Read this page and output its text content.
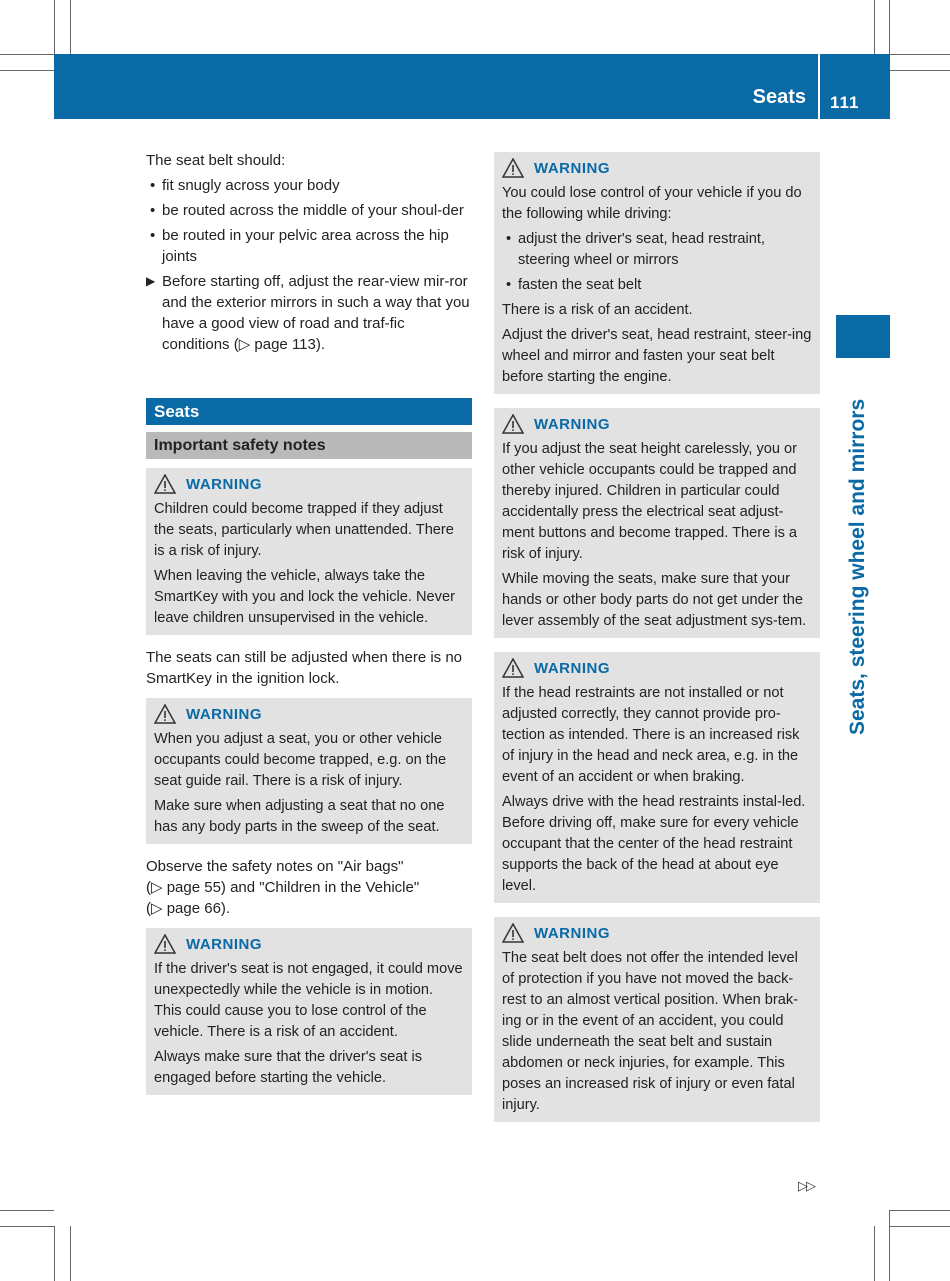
Seats 111
Seats, steering wheel and mirrors

The seat belt should:

• fit snugly across your body
• be routed across the middle of your shoul-der
• be routed in your pelvic area across the hip joints
▶ Before starting off, adjust the rear-view mir-ror and the exterior mirrors in such a way that you have a good view of road and traf-fic conditions (▷ page 113).
Seats
Important safety notes
WARNING

Children could become trapped if they adjust the seats, particularly when unattended. There is a risk of injury.

When leaving the vehicle, always take the SmartKey with you and lock the vehicle. Never leave children unsupervised in the vehicle.

The seats can still be adjusted when there is no SmartKey in the ignition lock.

WARNING

When you adjust a seat, you or other vehicle occupants could become trapped, e.g. on the seat guide rail. There is a risk of injury.

Make sure when adjusting a seat that no one has any body parts in the sweep of the seat.

Observe the safety notes on "Air bags"
(▷ page 55) and "Children in the Vehicle"
(▷ page 66).

WARNING

If the driver's seat is not engaged, it could move unexpectedly while the vehicle is in motion. This could cause you to lose control of the vehicle. There is a risk of an accident.

Always make sure that the driver's seat is engaged before starting the vehicle.

WARNING

You could lose control of your vehicle if you do the following while driving:

• adjust the driver's seat, head restraint, steering wheel or mirrors
• fasten the seat belt

There is a risk of an accident.

Adjust the driver's seat, head restraint, steer-ing wheel and mirror and fasten your seat belt before starting the engine.

WARNING

If you adjust the seat height carelessly, you or other vehicle occupants could be trapped and thereby injured. Children in particular could accidentally press the electrical seat adjust-ment buttons and become trapped. There is a risk of injury.

While moving the seats, make sure that your hands or other body parts do not get under the lever assembly of the seat adjustment sys-tem.

WARNING

If the head restraints are not installed or not adjusted correctly, they cannot provide pro-tection as intended. There is an increased risk of injury in the head and neck area, e.g. in the event of an accident or when braking.

Always drive with the head restraints instal-led. Before driving off, make sure for every vehicle occupant that the center of the head restraint supports the back of the head at about eye level.

WARNING

The seat belt does not offer the intended level of protection if you have not moved the back-rest to an almost vertical position. When brak-ing or in the event of an accident, you could slide underneath the seat belt and sustain abdomen or neck injuries, for example. This poses an increased risk of injury or even fatal injury.

▷▷
